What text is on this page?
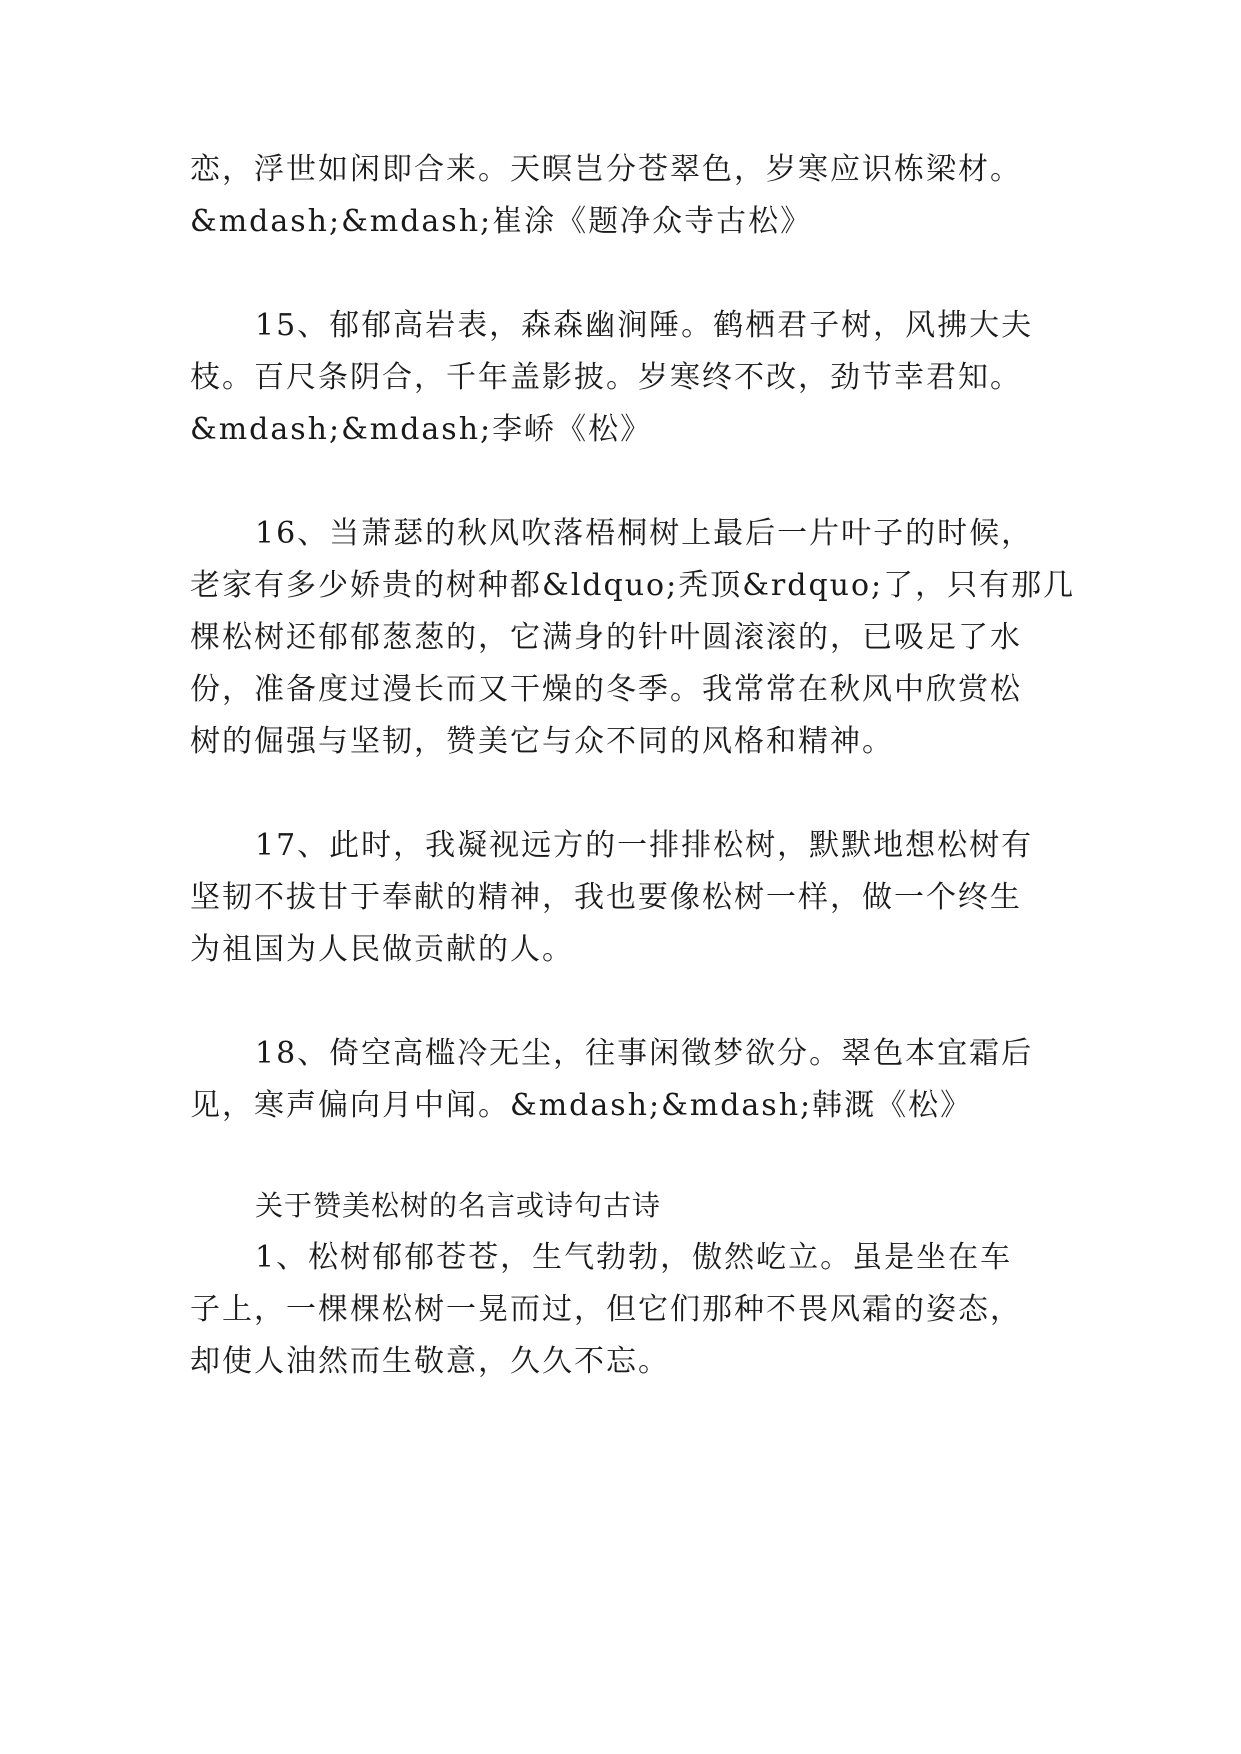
恋，浮世如闲即合来。天暝岂分苍翠色，岁寒应识栋梁材。
&mdash;&mdash;崔涂《题净众寺古松》
15、郁郁高岩表，森森幽涧陲。鹤栖君子树，风拂大夫
枝。百尺条阴合，千年盖影披。岁寒终不改，劲节幸君知。
&mdash;&mdash;李峤《松》
16、当萧瑟的秋风吹落梧桐树上最后一片叶子的时候，
老家有多少娇贵的树种都&ldquo;秃顶&rdquo;了，只有那几
棵松树还郁郁葱葱的，它满身的针叶圆滚滚的，已吸足了水
份，准备度过漫长而又干燥的冬季。我常常在秋风中欣赏松
树的倔强与坚韧，赞美它与众不同的风格和精神。
17、此时，我凝视远方的一排排松树，默默地想松树有
坚韧不拔甘于奉献的精神，我也要像松树一样，做一个终生
为祖国为人民做贡献的人。
18、倚空高槛冷无尘，往事闲徵梦欲分。翠色本宜霜后
见，寒声偏向月中闻。&mdash;&mdash;韩溉《松》
关于赞美松树的名言或诗句古诗
1、松树郁郁苍苍，生气勃勃，傲然屹立。虽是坐在车
子上，一棵棵松树一晃而过，但它们那种不畏风霜的姿态，
却使人油然而生敬意，久久不忘。
